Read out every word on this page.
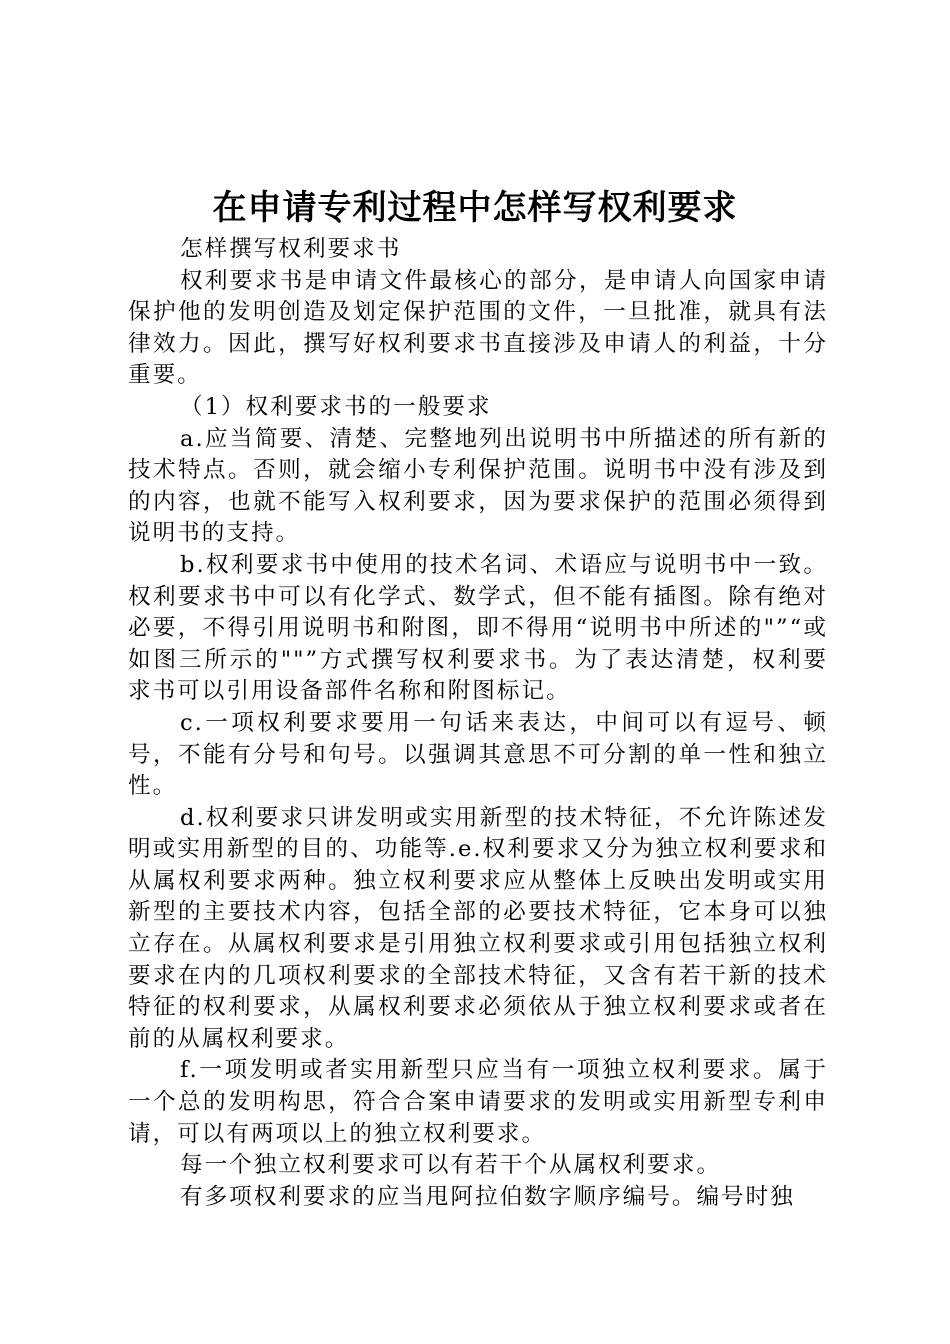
在申请专利过程中怎样写权利要求

怎样撰写权利要求书

权利要求书是申请文件最核心的部分，是申请人向国家申请保护他的发明创造及划定保护范围的文件，一旦批准，就具有法律效力。因此，撰写好权利要求书直接涉及申请人的利益，十分重要。

（1）权利要求书的一般要求

a.应当简要、清楚、完整地列出说明书中所描述的所有新的技术特点。否则，就会缩小专利保护范围。说明书中没有涉及到的内容，也就不能写入权利要求，因为要求保护的范围必须得到说明书的支持。

b.权利要求书中使用的技术名词、术语应与说明书中一致。权利要求书中可以有化学式、数学式，但不能有插图。除有绝对必要，不得引用说明书和附图，即不得用“说明书中所述的"”“或如图三所示的""”方式撰写权利要求书。为了表达清楚，权利要求书可以引用设备部件名称和附图标记。

c.一项权利要求要用一句话来表达，中间可以有逗号、顿号，不能有分号和句号。以强调其意思不可分割的单一性和独立性。

d.权利要求只讲发明或实用新型的技术特征，不允许陈述发明或实用新型的目的、功能等.e.权利要求又分为独立权利要求和从属权利要求两种。独立权利要求应从整体上反映出发明或实用新型的主要技术内容，包括全部的必要技术特征，它本身可以独立存在。从属权利要求是引用独立权利要求或引用包括独立权利要求在内的几项权利要求的全部技术特征，又含有若干新的技术特征的权利要求，从属权利要求必须依从于独立权利要求或者在前的从属权利要求。

f.一项发明或者实用新型只应当有一项独立权利要求。属于一个总的发明构思，符合合案申请要求的发明或实用新型专利申请，可以有两项以上的独立权利要求。

每一个独立权利要求可以有若干个从属权利要求。

有多项权利要求的应当甩阿拉伯数字顺序编号。编号时独
